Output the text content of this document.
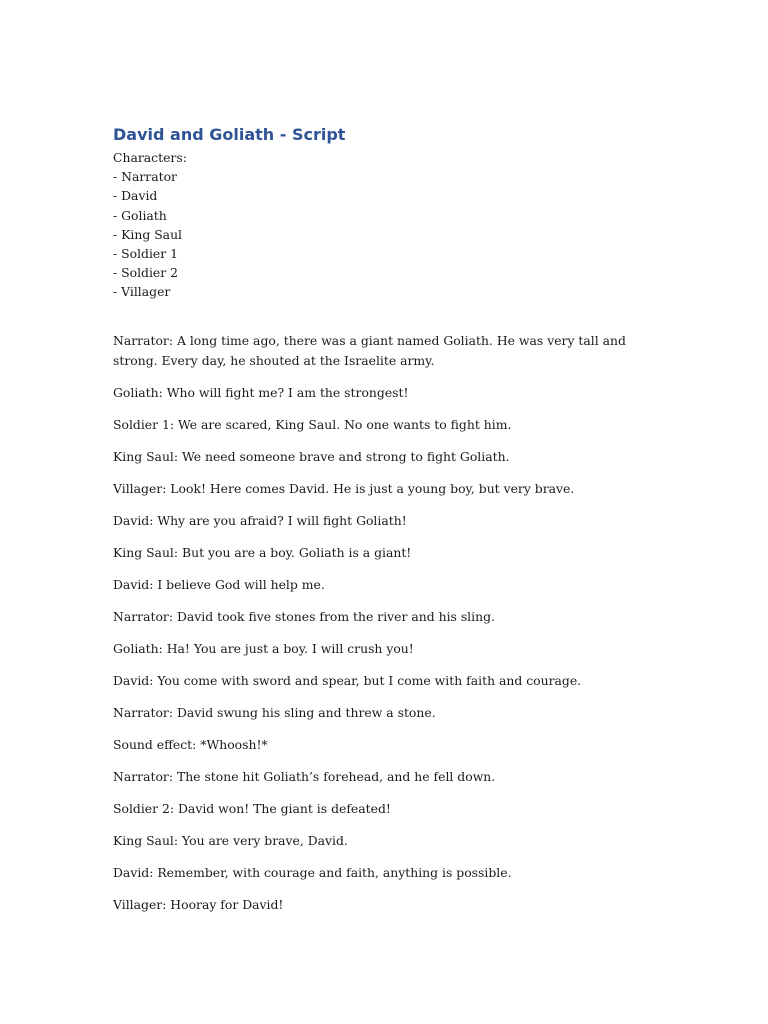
David and Goliath - Script
Characters:
- Narrator
- David
- Goliath
- King Saul
- Soldier 1
- Soldier 2
- Villager

Narrator: A long time ago, there was a giant named Goliath. He was very tall and strong. Every day, he shouted at the Israelite army.

Goliath: Who will fight me? I am the strongest!

Soldier 1: We are scared, King Saul. No one wants to fight him.

King Saul: We need someone brave and strong to fight Goliath.

Villager: Look! Here comes David. He is just a young boy, but very brave.

David: Why are you afraid? I will fight Goliath!

King Saul: But you are a boy. Goliath is a giant!

David: I believe God will help me.

Narrator: David took five stones from the river and his sling.

Goliath: Ha! You are just a boy. I will crush you!

David: You come with sword and spear, but I come with faith and courage.

Narrator: David swung his sling and threw a stone.

Sound effect: *Whoosh!*

Narrator: The stone hit Goliath’s forehead, and he fell down.

Soldier 2: David won! The giant is defeated!

King Saul: You are very brave, David.

David: Remember, with courage and faith, anything is possible.

Villager: Hooray for David!
